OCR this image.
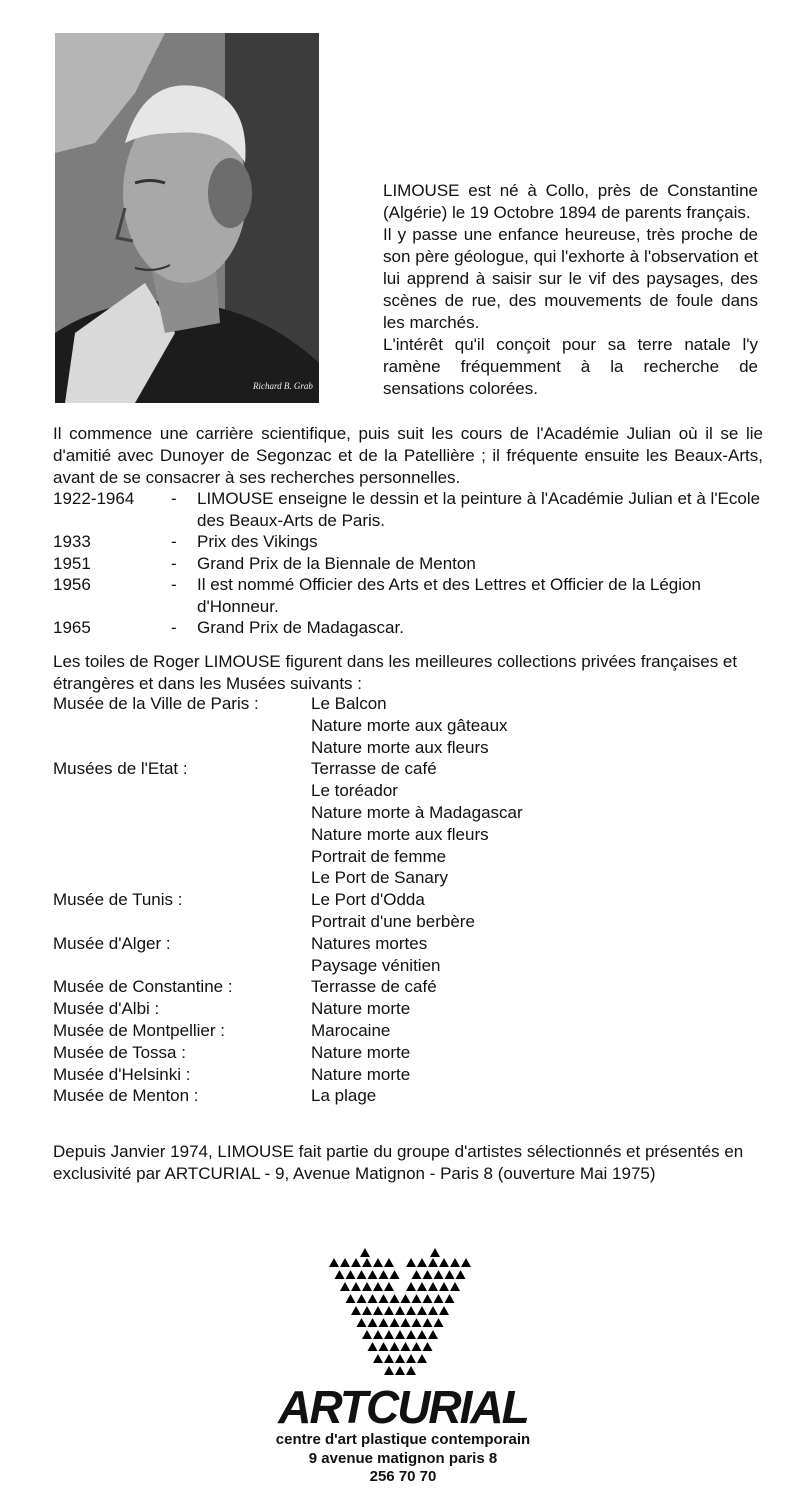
Richard B. Grab

LIMOUSE est né à Collo, près de Constantine (Algérie) le 19 Octobre 1894 de parents français.

Il y passe une enfance heureuse, très proche de son père géologue, qui l'exhorte à l'observation et lui apprend à saisir sur le vif des paysages, des scènes de rue, des mouvements de foule dans les marchés.

L'intérêt qu'il conçoit pour sa terre natale l'y ramène fréquemment à la recherche de sensations colorées.

Il commence une carrière scientifique, puis suit les cours de l'Académie Julian où il se lie d'amitié avec Dunoyer de Segonzac et de la Patellière ; il fréquente ensuite les Beaux-Arts, avant de se consacrer à ses recherches personnelles.
1922-1964	-	LIMOUSE enseigne le dessin et la peinture à l'Académie Julian et à l'Ecole des Beaux-Arts de Paris.
1933	-	Prix des Vikings
1951	-	Grand Prix de la Biennale de Menton
1956	-	Il est nommé Officier des Arts et des Lettres et Officier de la Légion d'Honneur.
1965	-	Grand Prix de Madagascar.
Les toiles de Roger LIMOUSE figurent dans les meilleures collections privées françaises et étrangères et dans les Musées suivants :
Musée de la Ville de Paris :	Le Balcon
Nature morte aux gâteaux
Nature morte aux fleurs
Musées de l'Etat :	Terrasse de café
Le toréador
Nature morte à Madagascar
Nature morte aux fleurs
Portrait de femme
Le Port de Sanary
Musée de Tunis :	Le Port d'Odda
Portrait d'une berbère
Musée d'Alger :	Natures mortes
Paysage vénitien
Musée de Constantine :	Terrasse de café
Musée d'Albi :	Nature morte
Musée de Montpellier :	Marocaine
Musée de Tossa :	Nature morte
Musée d'Helsinki :	Nature morte
Musée de Menton :	La plage
Depuis Janvier 1974, LIMOUSE fait partie du groupe d'artistes sélectionnés et présentés en exclusivité par ARTCURIAL - 9, Avenue Matignon - Paris 8 (ouverture Mai 1975)
ARTCURIAL
centre d'art plastique contemporain
9 avenue matignon paris 8
256 70 70
